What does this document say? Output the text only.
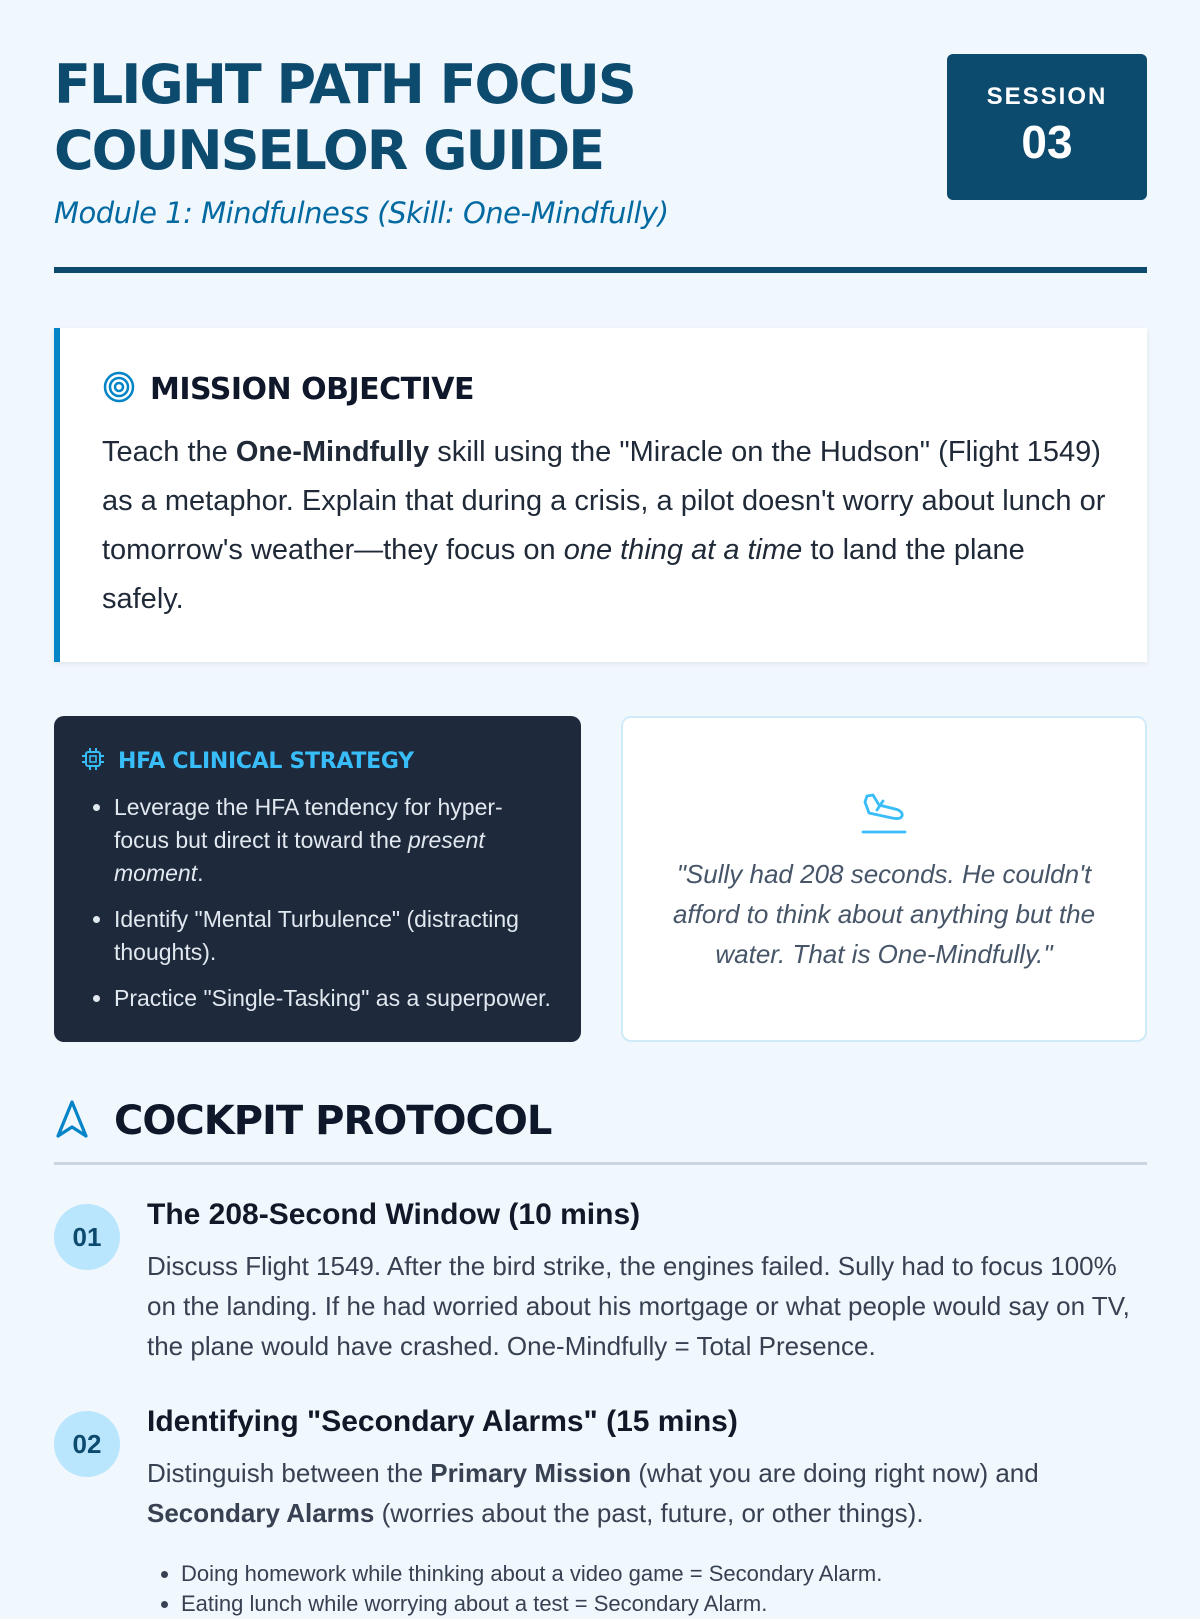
FLIGHT PATH FOCUS
COUNSELOR GUIDE
Module 1: Mindfulness (Skill: One-Mindfully)
SESSION
03
MISSION OBJECTIVE

Teach the One-Mindfully skill using the "Miracle on the Hudson" (Flight 1549) as a metaphor. Explain that during a crisis, a pilot doesn't worry about lunch or tomorrow's weather—they focus on one thing at a time to land the plane safely.

HFA CLINICAL STRATEGY
• Leverage the HFA tendency for hyper-focus but direct it toward the present moment.
• Identify "Mental Turbulence" (distracting thoughts).
• Practice "Single-Tasking" as a superpower.

"Sully had 208 seconds. He couldn't afford to think about anything but the water. That is One-Mindfully."

COCKPIT PROTOCOL
01
The 208-Second Window (10 mins)

Discuss Flight 1549. After the bird strike, the engines failed. Sully had to focus 100% on the landing. If he had worried about his mortgage or what people would say on TV, the plane would have crashed. One-Mindfully = Total Presence.

02
Identifying "Secondary Alarms" (15 mins)

Distinguish between the Primary Mission (what you are doing right now) and Secondary Alarms (worries about the past, future, or other things).

• Doing homework while thinking about a video game = Secondary Alarm.
• Eating lunch while worrying about a test = Secondary Alarm.
